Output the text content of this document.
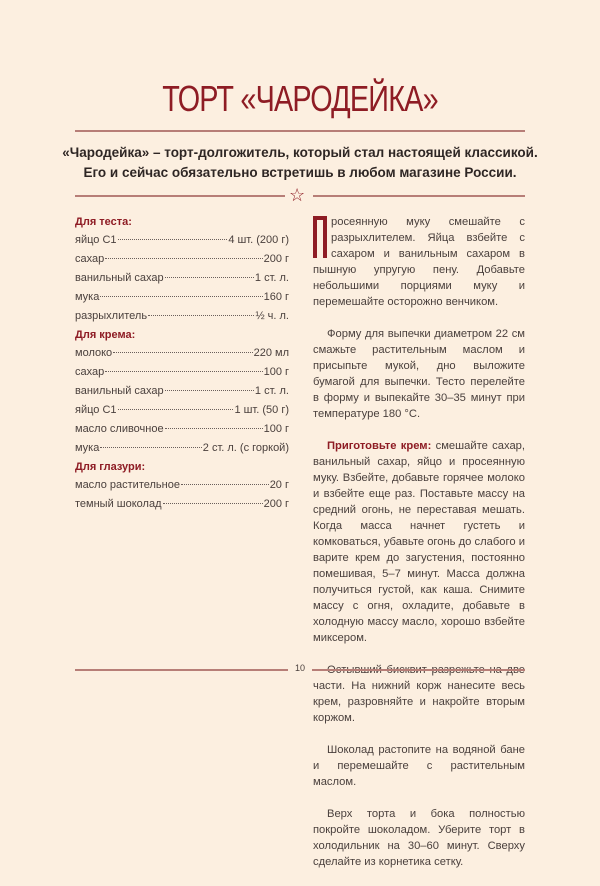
ТОРТ «ЧАРОДЕЙКА»
«Чародейка» – торт-долгожитель, который стал настоящей классикой. Его и сейчас обязательно встретишь в любом магазине России.
☆
Для теста:
яйцо С1	4 шт. (200 г)
сахар	200 г
ванильный сахар	1 ст. л.
мука	160 г
разрыхлитель	½ ч. л.
Для крема:
молоко	220 мл
сахар	100 г
ванильный сахар	1 ст. л.
яйцо С1	1 шт. (50 г)
масло сливочное	100 г
мука	2 ст. л. (с горкой)
Для глазури:
масло растительное	20 г
темный шоколад	200 г

росеянную муку смешайте с разрыхлителем. Яйца взбейте с сахаром и ванильным сахаром в пышную упругую пену. Добавьте небольшими порциями муку и перемешайте осторожно венчиком.

Форму для выпечки диаметром 22 см смажьте растительным маслом и присыпьте мукой, дно выложите бумагой для выпечки. Тесто перелейте в форму и выпекайте 30–35 минут при температуре 180 °C.

Приготовьте крем: смешайте сахар, ванильный сахар, яйцо и просеянную муку. Взбейте, добавьте горячее молоко и взбейте еще раз. Поставьте массу на средний огонь, не переставая мешать. Когда масса начнет густеть и комковаться, убавьте огонь до слабого и варите крем до загустения, постоянно помешивая, 5–7 минут. Масса должна получиться густой, как каша. Снимите массу с огня, охладите, добавьте в холодную массу масло, хорошо взбейте миксером.

части. На нижний корж нанесите весь крем, разровняйте и накройте вторым коржом.

Шоколад растопите на водяной бане и перемешайте с растительным маслом.

Верх торта и бока полностью покройте шоколадом. Уберите торт в холодильник на 30–60 минут. Сверху сделайте из корнетика сетку.

10
